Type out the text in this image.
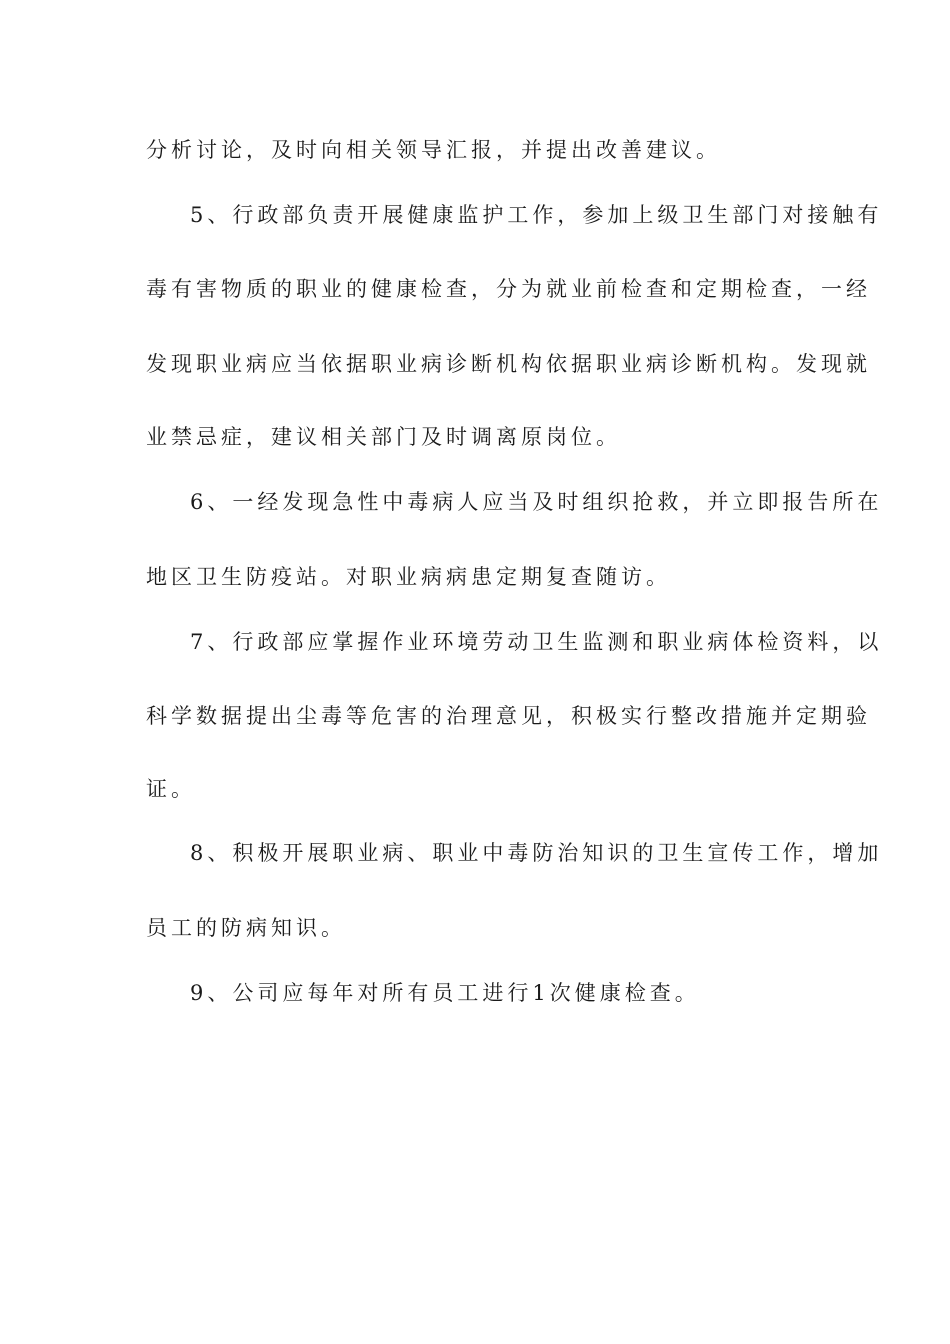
分析讨论，及时向相关领导汇报，并提出改善建议。
5、行政部负责开展健康监护工作，参加上级卫生部门对接触有
毒有害物质的职业的健康检查，分为就业前检查和定期检查，一经
发现职业病应当依据职业病诊断机构依据职业病诊断机构。发现就
业禁忌症，建议相关部门及时调离原岗位。
6、一经发现急性中毒病人应当及时组织抢救，并立即报告所在
地区卫生防疫站。对职业病病患定期复查随访。
7、行政部应掌握作业环境劳动卫生监测和职业病体检资料，以
科学数据提出尘毒等危害的治理意见，积极实行整改措施并定期验
证。
8、积极开展职业病、职业中毒防治知识的卫生宣传工作，增加
员工的防病知识。
9、公司应每年对所有员工进行1次健康检查。
